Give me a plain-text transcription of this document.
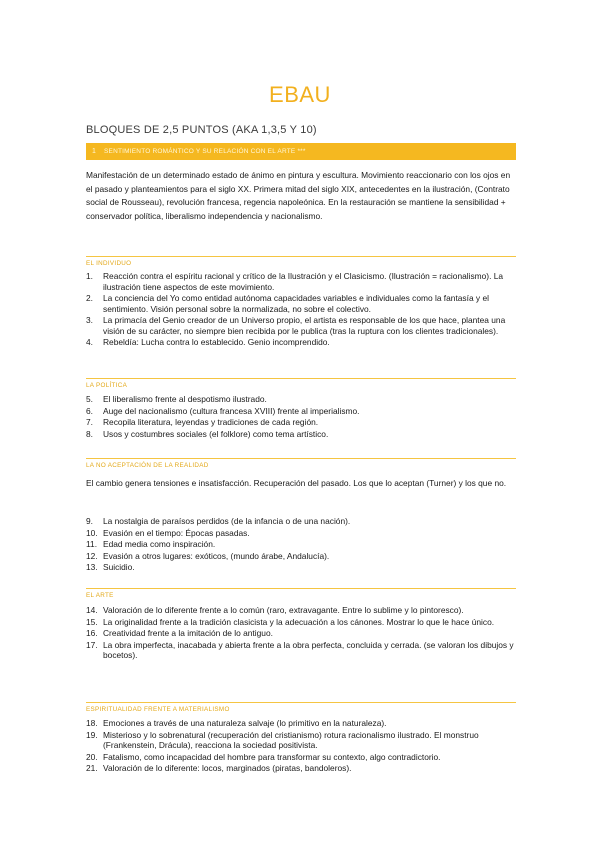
EBAU
BLOQUES DE 2,5 PUNTOS (AKA 1,3,5 Y 10)
1 SENTIMIENTO ROMÁNTICO Y SU RELACIÓN CON EL ARTE ***
Manifestación de un determinado estado de ánimo en pintura y escultura. Movimiento reaccionario con los ojos en el pasado y planteamientos para el siglo XX. Primera mitad del siglo XIX, antecedentes en la ilustración, (Contrato social de Rousseau), revolución francesa, regencia napoleónica. En la restauración se mantiene la sensibilidad + conservador política, liberalismo independencia y nacionalismo.
EL INDIVIDUO
1. Reacción contra el espíritu racional y crítico de la Ilustración y el Clasicismo. (Ilustración = racionalismo). La ilustración tiene aspectos de este movimiento.
2. La conciencia del Yo como entidad autónoma capacidades variables e individuales como la fantasía y el sentimiento. Visión personal sobre la normalizada, no sobre el colectivo.
3. La primacía del Genio creador de un Universo propio, el artista es responsable de los que hace, plantea una visión de su carácter, no siempre bien recibida por le publica (tras la ruptura con los clientes tradicionales).
4. Rebeldía: Lucha contra lo establecido. Genio incomprendido.
LA POLÍTICA
5. El liberalismo frente al despotismo ilustrado.
6. Auge del nacionalismo (cultura francesa XVIII) frente al imperialismo.
7. Recopila literatura, leyendas y tradiciones de cada región.
8. Usos y costumbres sociales (el folklore) como tema artístico.
LA NO ACEPTACIÓN DE LA REALIDAD
El cambio genera tensiones e insatisfacción. Recuperación del pasado. Los que lo aceptan (Turner) y los que no.
9. La nostalgia de paraísos perdidos (de la infancia o de una nación).
10. Evasión en el tiempo: Épocas pasadas.
11. Edad media como inspiración.
12. Evasión a otros lugares: exóticos, (mundo árabe, Andalucía).
13. Suicidio.
EL ARTE
14. Valoración de lo diferente frente a lo común (raro, extravagante. Entre lo sublime y lo pintoresco).
15. La originalidad frente a la tradición clasicista y la adecuación a los cánones. Mostrar lo que le hace único.
16. Creatividad frente a la imitación de lo antiguo.
17. La obra imperfecta, inacabada y abierta frente a la obra perfecta, concluida y cerrada. (se valoran los dibujos y bocetos).
ESPIRITUALIDAD FRENTE A MATERIALISMO
18. Emociones a través de una naturaleza salvaje (lo primitivo en la naturaleza).
19. Misterioso y lo sobrenatural (recuperación del cristianismo) rotura racionalismo ilustrado. El monstruo (Frankenstein, Drácula), reacciona la sociedad positivista.
20. Fatalismo, como incapacidad del hombre para transformar su contexto, algo contradictorio.
21. Valoración de lo diferente: locos, marginados (piratas, bandoleros).
